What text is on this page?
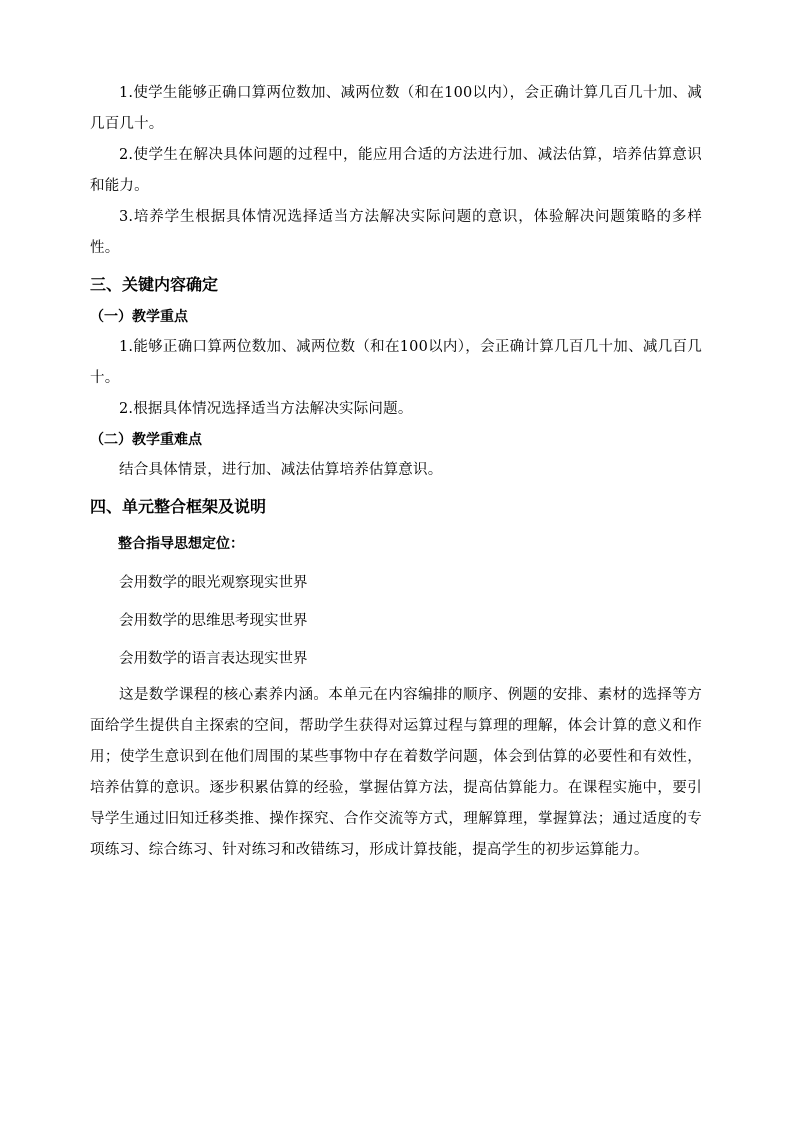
1.使学生能够正确口算两位数加、减两位数（和在100以内），会正确计算几百几十加、减几百几十。

2.使学生在解决具体问题的过程中，能应用合适的方法进行加、减法估算，培养估算意识和能力。

3.培养学生根据具体情况选择适当方法解决实际问题的意识，体验解决问题策略的多样性。

三、关键内容确定
（一）教学重点

1.能够正确口算两位数加、减两位数（和在100以内），会正确计算几百几十加、减几百几十。

2.根据具体情况选择适当方法解决实际问题。

（二）教学重难点

结合具体情景，进行加、减法估算培养估算意识。

四、单元整合框架及说明
整合指导思想定位：

会用数学的眼光观察现实世界

会用数学的思维思考现实世界

会用数学的语言表达现实世界

这是数学课程的核心素养内涵。本单元在内容编排的顺序、例题的安排、素材的选择等方面给学生提供自主探索的空间，帮助学生获得对运算过程与算理的理解，体会计算的意义和作用；使学生意识到在他们周围的某些事物中存在着数学问题，体会到估算的必要性和有效性，培养估算的意识。逐步积累估算的经验，掌握估算方法，提高估算能力。在课程实施中，要引导学生通过旧知迁移类推、操作探究、合作交流等方式，理解算理，掌握算法；通过适度的专项练习、综合练习、针对练习和改错练习，形成计算技能，提高学生的初步运算能力。
